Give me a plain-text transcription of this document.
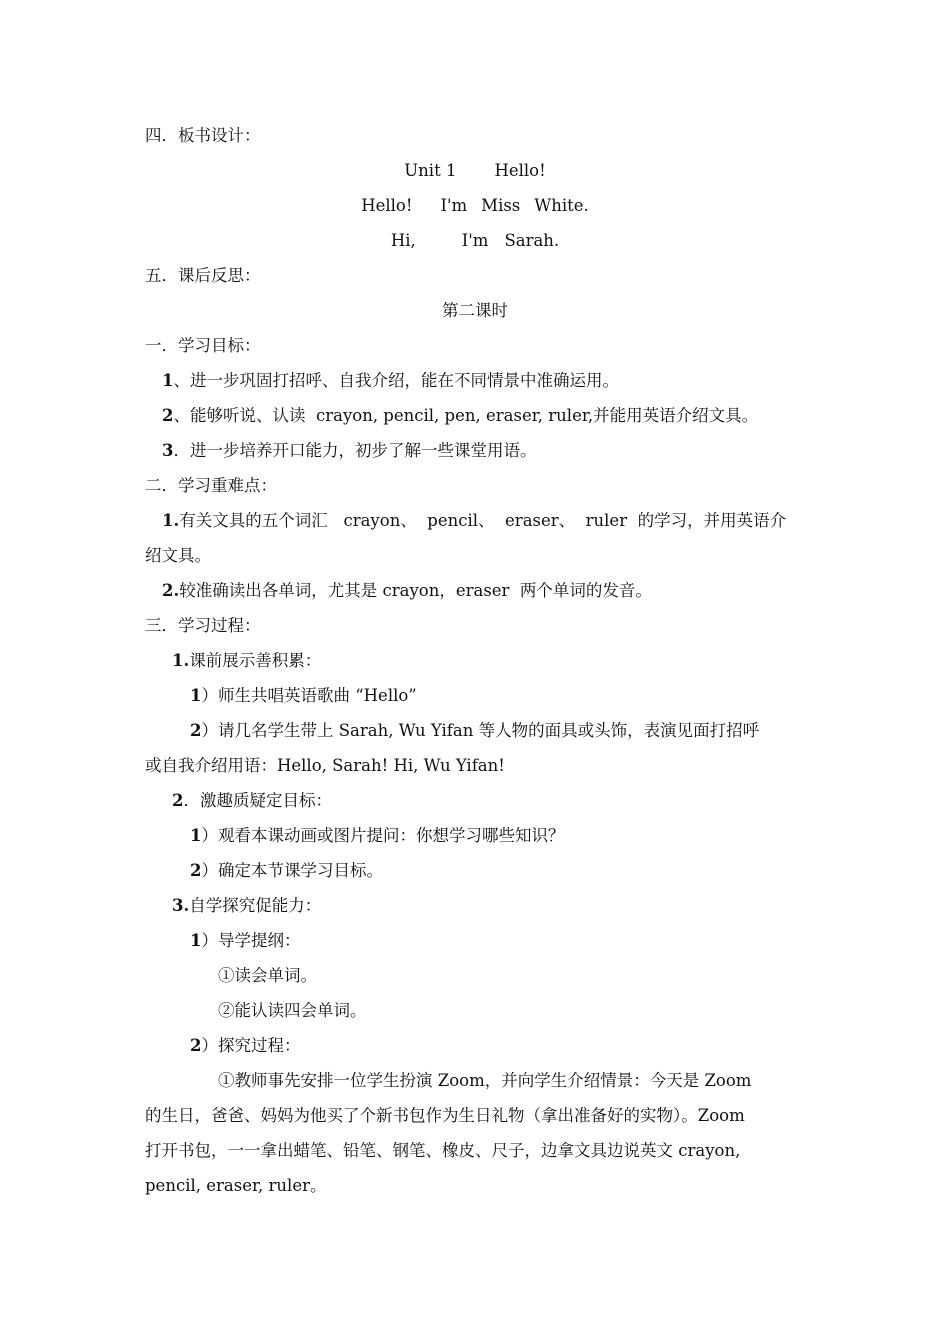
四．板书设计：
Unit 1 Hello!
Hello! I'm Miss White.
Hi,	I'm Sarah.
五．课后反思：
第二课时
一．学习目标：
1、进一步巩固打招呼、自我介绍，能在不同情景中准确运用。
2、能够听说、认读  crayon, pencil, pen, eraser, ruler,并能用英语介绍文具。
3．进一步培养开口能力，初步了解一些课堂用语。
二．学习重难点：
1.有关文具的五个词汇   crayon、  pencil、  eraser、  ruler  的学习，并用英语介
绍文具。
2.较准确读出各单词，尤其是 crayon，eraser  两个单词的发音。
三．学习过程：
1.课前展示善积累：
1）师生共唱英语歌曲 “Hello”
2）请几名学生带上 Sarah, Wu Yifan 等人物的面具或头饰，表演见面打招呼
或自我介绍用语：Hello, Sarah! Hi, Wu Yifan!
2．激趣质疑定目标：
1）观看本课动画或图片提问：你想学习哪些知识？
2）确定本节课学习目标。
3.自学探究促能力：
1）导学提纲：
①读会单词。
②能认读四会单词。
2）探究过程：
①教师事先安排一位学生扮演 Zoom，并向学生介绍情景：今天是 Zoom
的生日，爸爸、妈妈为他买了个新书包作为生日礼物（拿出准备好的实物）。Zoom
打开书包，一一拿出蜡笔、铅笔、钢笔、橡皮、尺子，边拿文具边说英文 crayon,
pencil, eraser, ruler。
